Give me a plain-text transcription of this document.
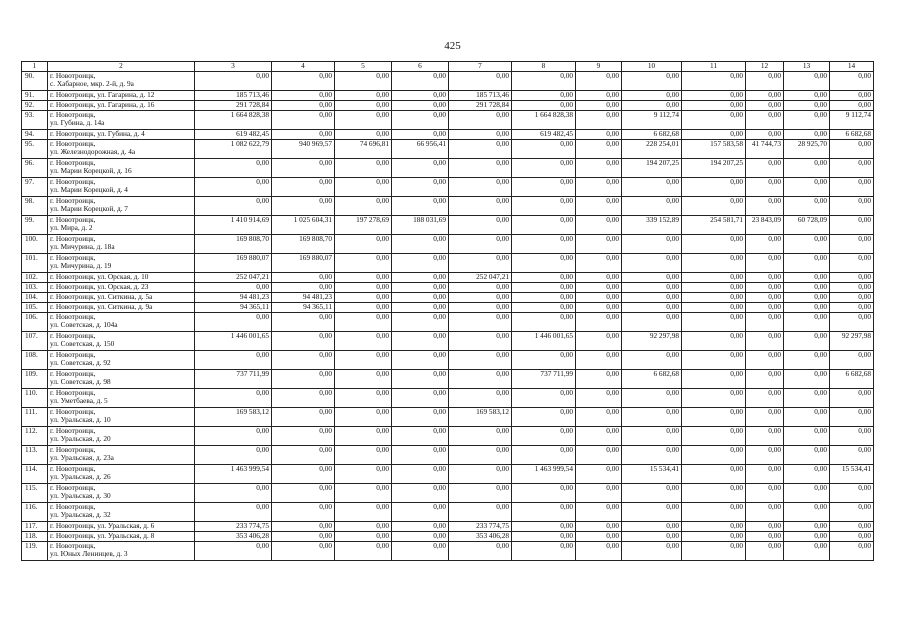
425
1	2	3	4	5	6	7	8	9	10	11	12	13	14
90.	г. Новотроицк,
с. Хабарное, мкр. 2-й, д. 9а	0,00	0,00	0,00	0,00	0,00	0,00	0,00	0,00	0,00	0,00	0,00	0,00
91.	г. Новотроицк, ул. Гагарина, д. 12	185 713,46	0,00	0,00	0,00	185 713,46	0,00	0,00	0,00	0,00	0,00	0,00	0,00
92.	г. Новотроицк, ул. Гагарина, д. 16	291 728,84	0,00	0,00	0,00	291 728,84	0,00	0,00	0,00	0,00	0,00	0,00	0,00
93.	г. Новотроицк,
ул. Губина, д. 14а	1 664 828,38	0,00	0,00	0,00	0,00	1 664 828,38	0,00	9 112,74	0,00	0,00	0,00	9 112,74
94.	г. Новотроицк, ул. Губина, д. 4	619 482,45	0,00	0,00	0,00	0,00	619 482,45	0,00	6 682,68	0,00	0,00	0,00	6 682,68
95.	г. Новотроицк,
ул. Железнодорожная, д. 4а	1 082 622,79	940 969,57	74 696,81	66 956,41	0,00	0,00	0,00	228 254,01	157 583,58	41 744,73	28 925,70	0,00
96.	г. Новотроицк,
ул. Марии Корецкой, д. 16	0,00	0,00	0,00	0,00	0,00	0,00	0,00	194 207,25	194 207,25	0,00	0,00	0,00
97.	г. Новотроицк,
ул. Марии Корецкой, д. 4	0,00	0,00	0,00	0,00	0,00	0,00	0,00	0,00	0,00	0,00	0,00	0,00
98.	г. Новотроицк,
ул. Марии Корецкой, д. 7	0,00	0,00	0,00	0,00	0,00	0,00	0,00	0,00	0,00	0,00	0,00	0,00
99.	г. Новотроицк,
ул. Мира, д. 2	1 410 914,69	1 025 604,31	197 278,69	188 031,69	0,00	0,00	0,00	339 152,89	254 581,71	23 843,09	60 728,09	0,00
100.	г. Новотроицк,
ул. Мичурина, д. 18а	169 808,70	169 808,70	0,00	0,00	0,00	0,00	0,00	0,00	0,00	0,00	0,00	0,00
101.	г. Новотроицк,
ул. Мичурина, д. 19	169 880,07	169 880,07	0,00	0,00	0,00	0,00	0,00	0,00	0,00	0,00	0,00	0,00
102.	г. Новотроицк, ул. Орская, д. 10	252 047,21	0,00	0,00	0,00	252 047,21	0,00	0,00	0,00	0,00	0,00	0,00	0,00
103.	г. Новотроицк, ул. Орская, д. 23	0,00	0,00	0,00	0,00	0,00	0,00	0,00	0,00	0,00	0,00	0,00	0,00
104.	г. Новотроицк, ул. Ситкина, д. 5а	94 481,23	94 481,23	0,00	0,00	0,00	0,00	0,00	0,00	0,00	0,00	0,00	0,00
105.	г. Новотроицк, ул. Ситкина, д. 9а	94 365,11	94 365,11	0,00	0,00	0,00	0,00	0,00	0,00	0,00	0,00	0,00	0,00
106.	г. Новотроицк,
ул. Советская, д. 104а	0,00	0,00	0,00	0,00	0,00	0,00	0,00	0,00	0,00	0,00	0,00	0,00
107.	г. Новотроицк,
ул. Советская, д. 150	1 446 001,65	0,00	0,00	0,00	0,00	1 446 001,65	0,00	92 297,98	0,00	0,00	0,00	92 297,98
108.	г. Новотроицк,
ул. Советская, д. 92	0,00	0,00	0,00	0,00	0,00	0,00	0,00	0,00	0,00	0,00	0,00	0,00
109.	г. Новотроицк,
ул. Советская, д. 98	737 711,99	0,00	0,00	0,00	0,00	737 711,99	0,00	6 682,68	0,00	0,00	0,00	6 682,68
110.	г. Новотроицк,
ул. Уметбаева, д. 5	0,00	0,00	0,00	0,00	0,00	0,00	0,00	0,00	0,00	0,00	0,00	0,00
111.	г. Новотроицк,
ул. Уральская, д. 10	169 583,12	0,00	0,00	0,00	169 583,12	0,00	0,00	0,00	0,00	0,00	0,00	0,00
112.	г. Новотроицк,
ул. Уральская, д. 20	0,00	0,00	0,00	0,00	0,00	0,00	0,00	0,00	0,00	0,00	0,00	0,00
113.	г. Новотроицк,
ул. Уральская, д. 23а	0,00	0,00	0,00	0,00	0,00	0,00	0,00	0,00	0,00	0,00	0,00	0,00
114.	г. Новотроицк,
ул. Уральская, д. 26	1 463 999,54	0,00	0,00	0,00	0,00	1 463 999,54	0,00	15 534,41	0,00	0,00	0,00	15 534,41
115.	г. Новотроицк,
ул. Уральская, д. 30	0,00	0,00	0,00	0,00	0,00	0,00	0,00	0,00	0,00	0,00	0,00	0,00
116.	г. Новотроицк,
ул. Уральская, д. 32	0,00	0,00	0,00	0,00	0,00	0,00	0,00	0,00	0,00	0,00	0,00	0,00
117.	г. Новотроицк, ул. Уральская, д. 6	233 774,75	0,00	0,00	0,00	233 774,75	0,00	0,00	0,00	0,00	0,00	0,00	0,00
118.	г. Новотроицк, ул. Уральская, д. 8	353 406,28	0,00	0,00	0,00	353 406,28	0,00	0,00	0,00	0,00	0,00	0,00	0,00
119.	г. Новотроицк,
ул. Юных Ленинцев, д. 3	0,00	0,00	0,00	0,00	0,00	0,00	0,00	0,00	0,00	0,00	0,00	0,00
